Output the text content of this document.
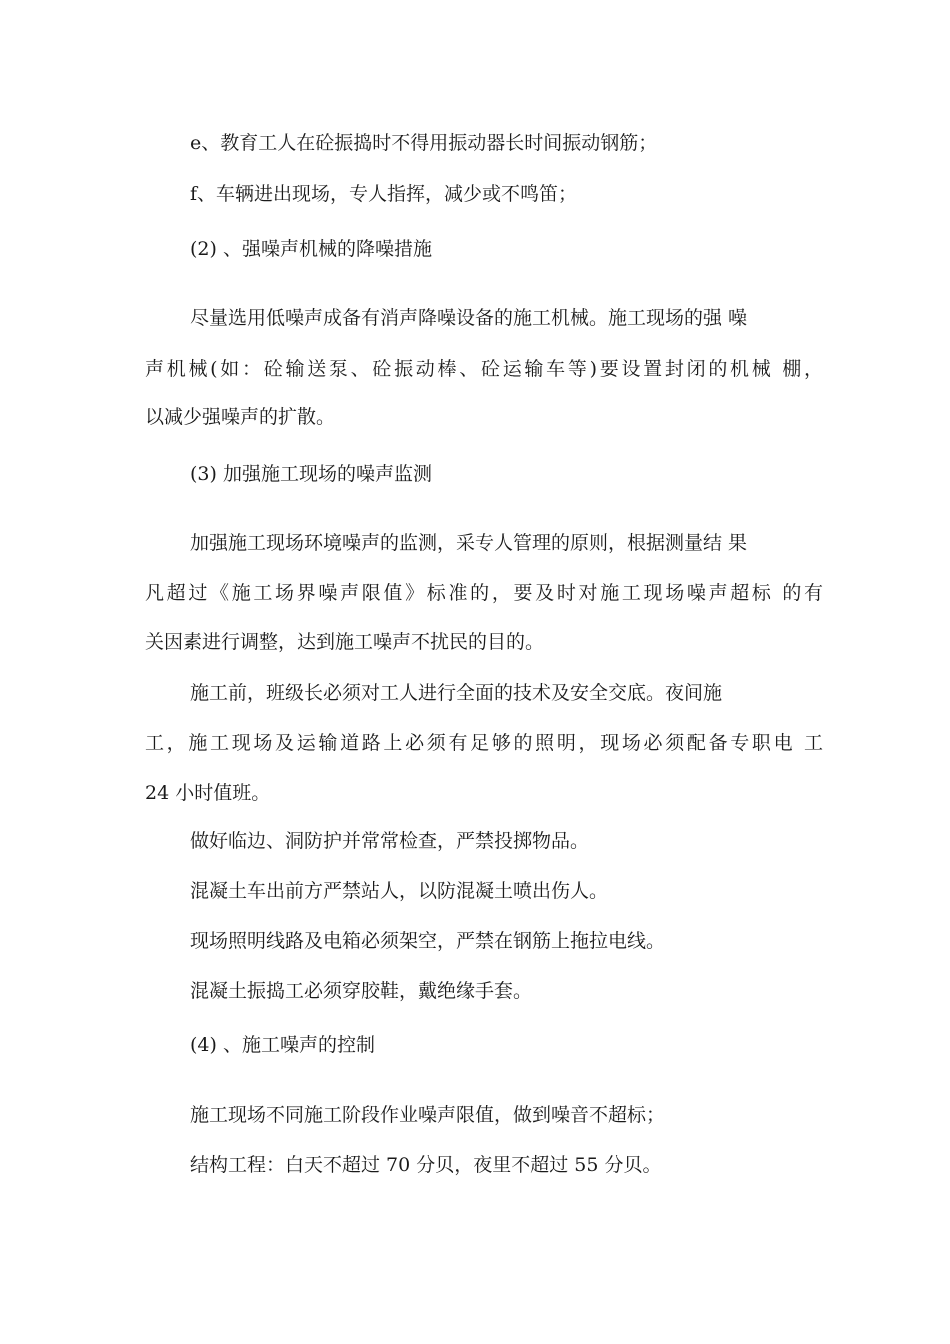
e、教育工人在砼振捣时不得用振动器长时间振动钢筋；
f、车辆进出现场，专人指挥，减少或不鸣笛；
(2) 、强噪声机械的降噪措施
尽量选用低噪声成备有消声降噪设备的施工机械。施工现场的强 噪
声机械(如：砼输送泵、砼振动棒、砼运输车等)要设置封闭的机械 棚，
以减少强噪声的扩散。
(3) 加强施工现场的噪声监测
加强施工现场环境噪声的监测，采专人管理的原则，根据测量结 果
凡超过《施工场界噪声限值》标准的，要及时对施工现场噪声超标 的有
关因素进行调整，达到施工噪声不扰民的目的。
施工前，班级长必须对工人进行全面的技术及安全交底。夜间施
工，施工现场及运输道路上必须有足够的照明，现场必须配备专职电 工
24 小时值班。
做好临边、洞防护并常常检查，严禁投掷物品。
混凝土车出前方严禁站人，以防混凝土喷出伤人。
现场照明线路及电箱必须架空，严禁在钢筋上拖拉电线。
混凝土振捣工必须穿胶鞋，戴绝缘手套。
(4) 、施工噪声的控制
施工现场不同施工阶段作业噪声限值，做到噪音不超标；
结构工程：白天不超过 70 分贝，夜里不超过 55 分贝。
